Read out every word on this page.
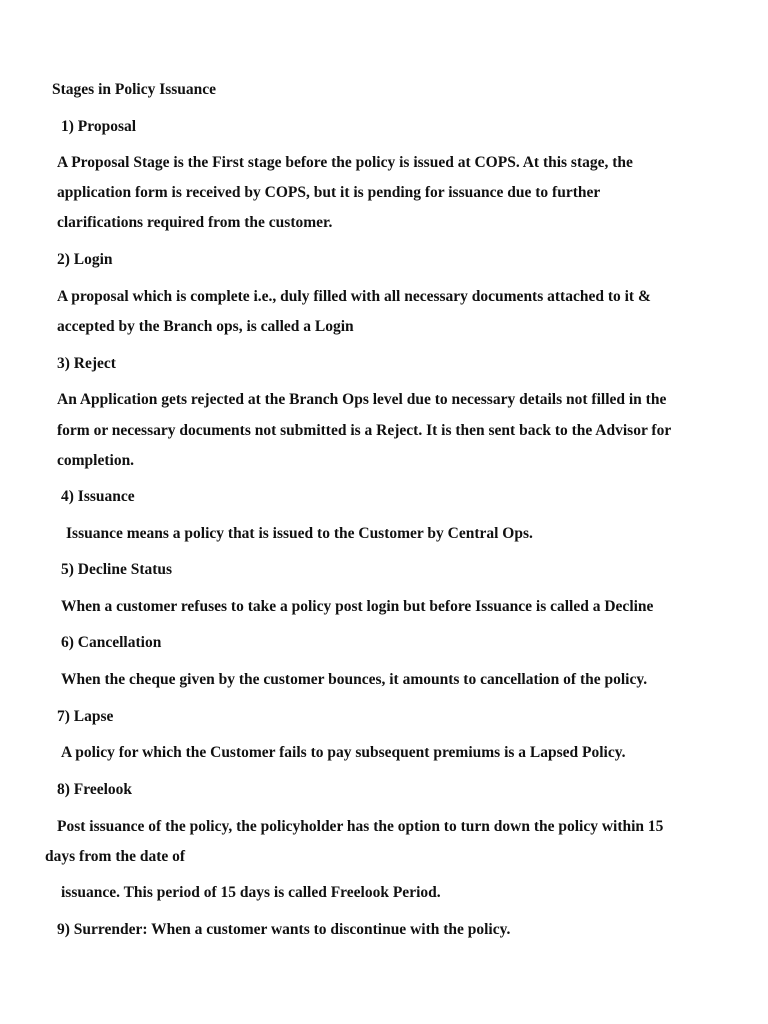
Stages in Policy Issuance
1) Proposal
A Proposal Stage is the First stage before the policy is issued at COPS. At this stage, the
application form is received by COPS, but it is pending for issuance due to further
clarifications required from the customer.
2) Login
A proposal which is complete i.e., duly filled with all necessary documents attached to it &
accepted by the Branch ops, is called a Login
3) Reject
An Application gets rejected at the Branch Ops level due to necessary details not filled in the
form or necessary documents not submitted is a Reject. It is then sent back to the Advisor for
completion.
4) Issuance
Issuance means a policy that is issued to the Customer by Central Ops.
5) Decline Status
When a customer refuses to take a policy post login but before Issuance is called a Decline
6) Cancellation
When the cheque given by the customer bounces, it amounts to cancellation of the policy.
7) Lapse
A policy for which the Customer fails to pay subsequent premiums is a Lapsed Policy.
8) Freelook
Post issuance of the policy, the policyholder has the option to turn down the policy within 15
days from the date of
issuance. This period of 15 days is called Freelook Period.
9) Surrender: When a customer wants to discontinue with the policy.
